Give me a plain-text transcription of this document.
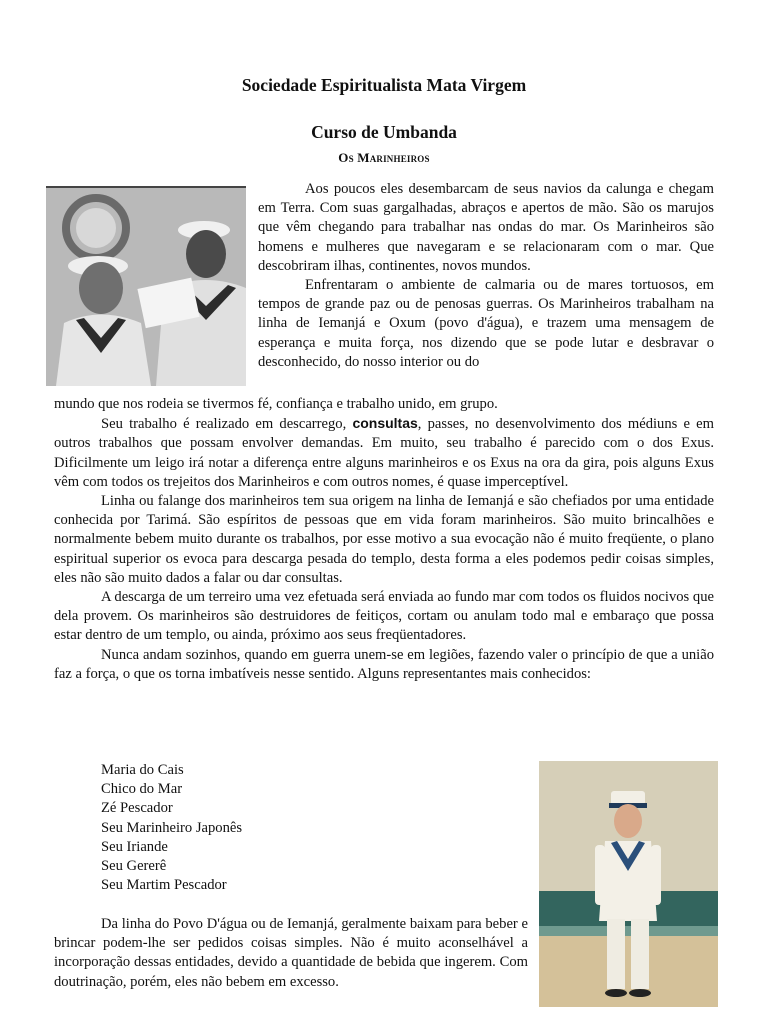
Sociedade Espiritualista Mata Virgem
Curso de Umbanda
Os Marinheiros

Aos poucos eles desembarcam de seus navios da calunga e chegam em Terra. Com suas gargalhadas, abraços e apertos de mão. São os marujos que vêm chegando para trabalhar nas ondas do mar. Os Marinheiros são homens e mulheres que navegaram e se relacionaram com o mar. Que descobriram ilhas, continentes, novos mundos.

Enfrentaram o ambiente de calmaria ou de mares tortuosos, em tempos de grande paz ou de penosas guerras. Os Marinheiros trabalham na linha de Iemanjá e Oxum (povo d'água), e trazem uma mensagem de esperança e muita força, nos dizendo que se pode lutar e desbravar o desconhecido, do nosso interior ou do

mundo que nos rodeia se tivermos fé, confiança e trabalho unido, em grupo.

Seu trabalho é realizado em descarrego, consultas, passes, no desenvolvimento dos médiuns e em outros trabalhos que possam envolver demandas. Em muito, seu trabalho é parecido com o dos Exus. Dificilmente um leigo irá notar a diferença entre alguns marinheiros e os Exus na ora da gira, pois alguns Exus vêm com todos os trejeitos dos Marinheiros e com outros nomes, é quase imperceptível.

Linha ou falange dos marinheiros tem sua origem na linha de Iemanjá e são chefiados por uma entidade conhecida por Tarimá. São espíritos de pessoas que em vida foram marinheiros. São muito brincalhões e normalmente bebem muito durante os trabalhos, por esse motivo a sua evocação não é muito freqüente, o plano espiritual superior os evoca para descarga pesada do templo, desta forma a eles podemos pedir coisas simples, eles não são muito dados a falar ou dar consultas.

A descarga de um terreiro uma vez efetuada será enviada ao fundo mar com todos os fluidos nocivos que dela provem. Os marinheiros são destruidores de feitiços, cortam ou anulam todo mal e embaraço que possa estar dentro de um templo, ou ainda, próximo aos seus freqüentadores.

Nunca andam sozinhos, quando em guerra unem-se em legiões, fazendo valer o princípio de que a união faz a força, o que os torna imbatíveis nesse sentido. Alguns representantes mais conhecidos:

Maria do Cais
Chico do Mar
Zé Pescador
Seu Marinheiro Japonês
Seu Iriande
Seu Gererê
Seu Martim Pescador

Da linha do Povo D'água ou de Iemanjá, geralmente baixam para beber e brincar podem-lhe ser pedidos coisas simples. Não é muito aconselhável a incorporação dessas entidades, devido a quantidade de bebida que ingerem. Com doutrinação, porém, eles não bebem em excesso.
